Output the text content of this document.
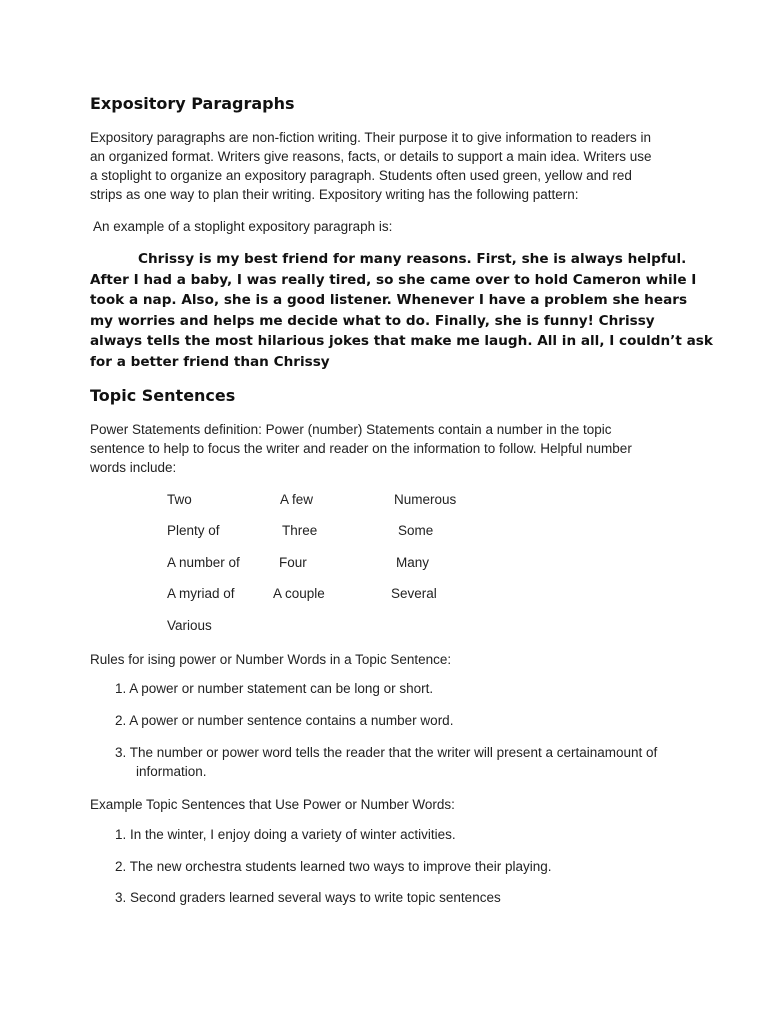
Expository Paragraphs
Expository paragraphs are non-fiction writing. Their purpose it to give information to readers in
an organized format. Writers give reasons, facts, or details to support a main idea. Writers use
a stoplight to organize an expository paragraph. Students often used green, yellow and red
strips as one way to plan their writing. Expository writing has the following pattern:
An example of a stoplight expository paragraph is:
Chrissy is my best friend for many reasons. First, she is always helpful.
After I had a baby, I was really tired, so she came over to hold Cameron while I
took a nap. Also, she is a good listener. Whenever I have a problem she hears
my worries and helps me decide what to do. Finally, she is funny! Chrissy
always tells the most hilarious jokes that make me laugh. All in all, I couldn’t ask
for a better friend than Chrissy
Topic Sentences
Power Statements definition: Power (number) Statements contain a number in the topic
sentence to help to focus the writer and reader on the information to follow. Helpful number
words include:
Two	A few	Numerous
Plenty of	Three	Some
A number of	Four	Many
A myriad of	A couple	Several
Various
Rules for ising power or Number Words in a Topic Sentence:
1. A power or number statement can be long or short.
2. A power or number sentence contains a number word.
3. The number or power word tells the reader that the writer will present a certainamount of
information.
Example Topic Sentences that Use Power or Number Words:
1. In the winter, I enjoy doing a variety of winter activities.
2. The new orchestra students learned two ways to improve their playing.
3. Second graders learned several ways to write topic sentences
